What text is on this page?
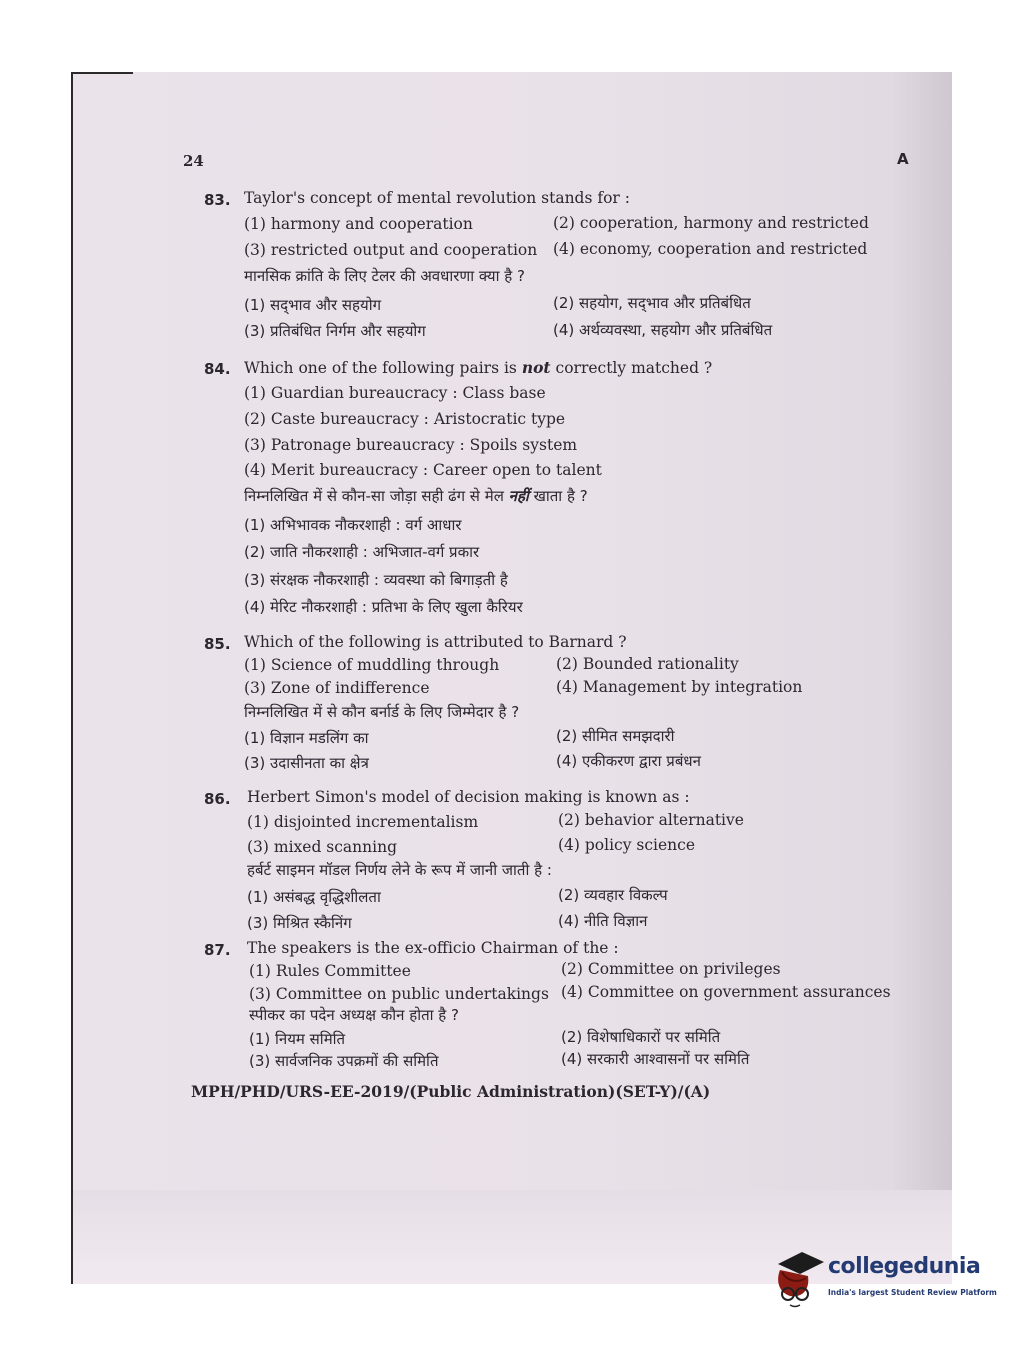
24	A
83. Taylor's concept of mental revolution stands for :
(1) harmony and cooperation	(2) cooperation, harmony and restricted
(3) restricted output and cooperation (4) economy, cooperation and restricted
मानसिक क्रांति के लिए टेलर की अवधारणा क्या है ?
(1) सद्‌भाव और सहयोग	(2) सहयोग, सद्‌भाव और प्रतिबंधित
(3) प्रतिबंधित निर्गम और सहयोग	(4) अर्थव्यवस्था, सहयोग और प्रतिबंधित
84. Which one of the following pairs is not correctly matched ?
(1) Guardian bureaucracy : Class base
(2) Caste bureaucracy : Aristocratic type
(3) Patronage bureaucracy : Spoils system
(4) Merit bureaucracy : Career open to talent
निम्नलिखित में से कौन-सा जोड़ा सही ढंग से मेल नहीं खाता है ?
(1) अभिभावक नौकरशाही : वर्ग आधार
(2) जाति नौकरशाही : अभिजात-वर्ग प्रकार
(3) संरक्षक नौकरशाही : व्यवस्था को बिगाड़ती है
(4) मेरिट नौकरशाही : प्रतिभा के लिए खुला कैरियर
85. Which of the following is attributed to Barnard ?
(1) Science of muddling through	(2) Bounded rationality
(3) Zone of indifference	(4) Management by integration
निम्नलिखित में से कौन बर्नार्ड के लिए जिम्मेदार है ?
(1) विज्ञान मडलिंग का	(2) सीमित समझदारी
(3) उदासीनता का क्षेत्र	(4) एकीकरण द्वारा प्रबंधन
86. Herbert Simon's model of decision making is known as :
(1) disjointed incrementalism	(2) behavior alternative
(3) mixed scanning	(4) policy science
हर्बर्ट साइमन मॉडल निर्णय लेने के रूप में जानी जाती है :
(1) असंबद्ध वृद्धिशीलता	(2) व्यवहार विकल्प
(3) मिश्रित स्कैनिंग	(4) नीति विज्ञान
87. The speakers is the ex-officio Chairman of the :
(1) Rules Committee	(2) Committee on privileges
(3) Committee on public undertakings (4) Committee on government assurances
स्पीकर का पदेन अध्यक्ष कौन होता है ?
(1) नियम समिति	(2) विशेषाधिकारों पर समिति
(3) सार्वजनिक उपक्रमों की समिति	(4) सरकारी आश्वासनों पर समिति
MPH/PHD/URS-EE-2019/(Public Administration)(SET-Y)/(A)
collegedunia
India's largest Student Review Platform
